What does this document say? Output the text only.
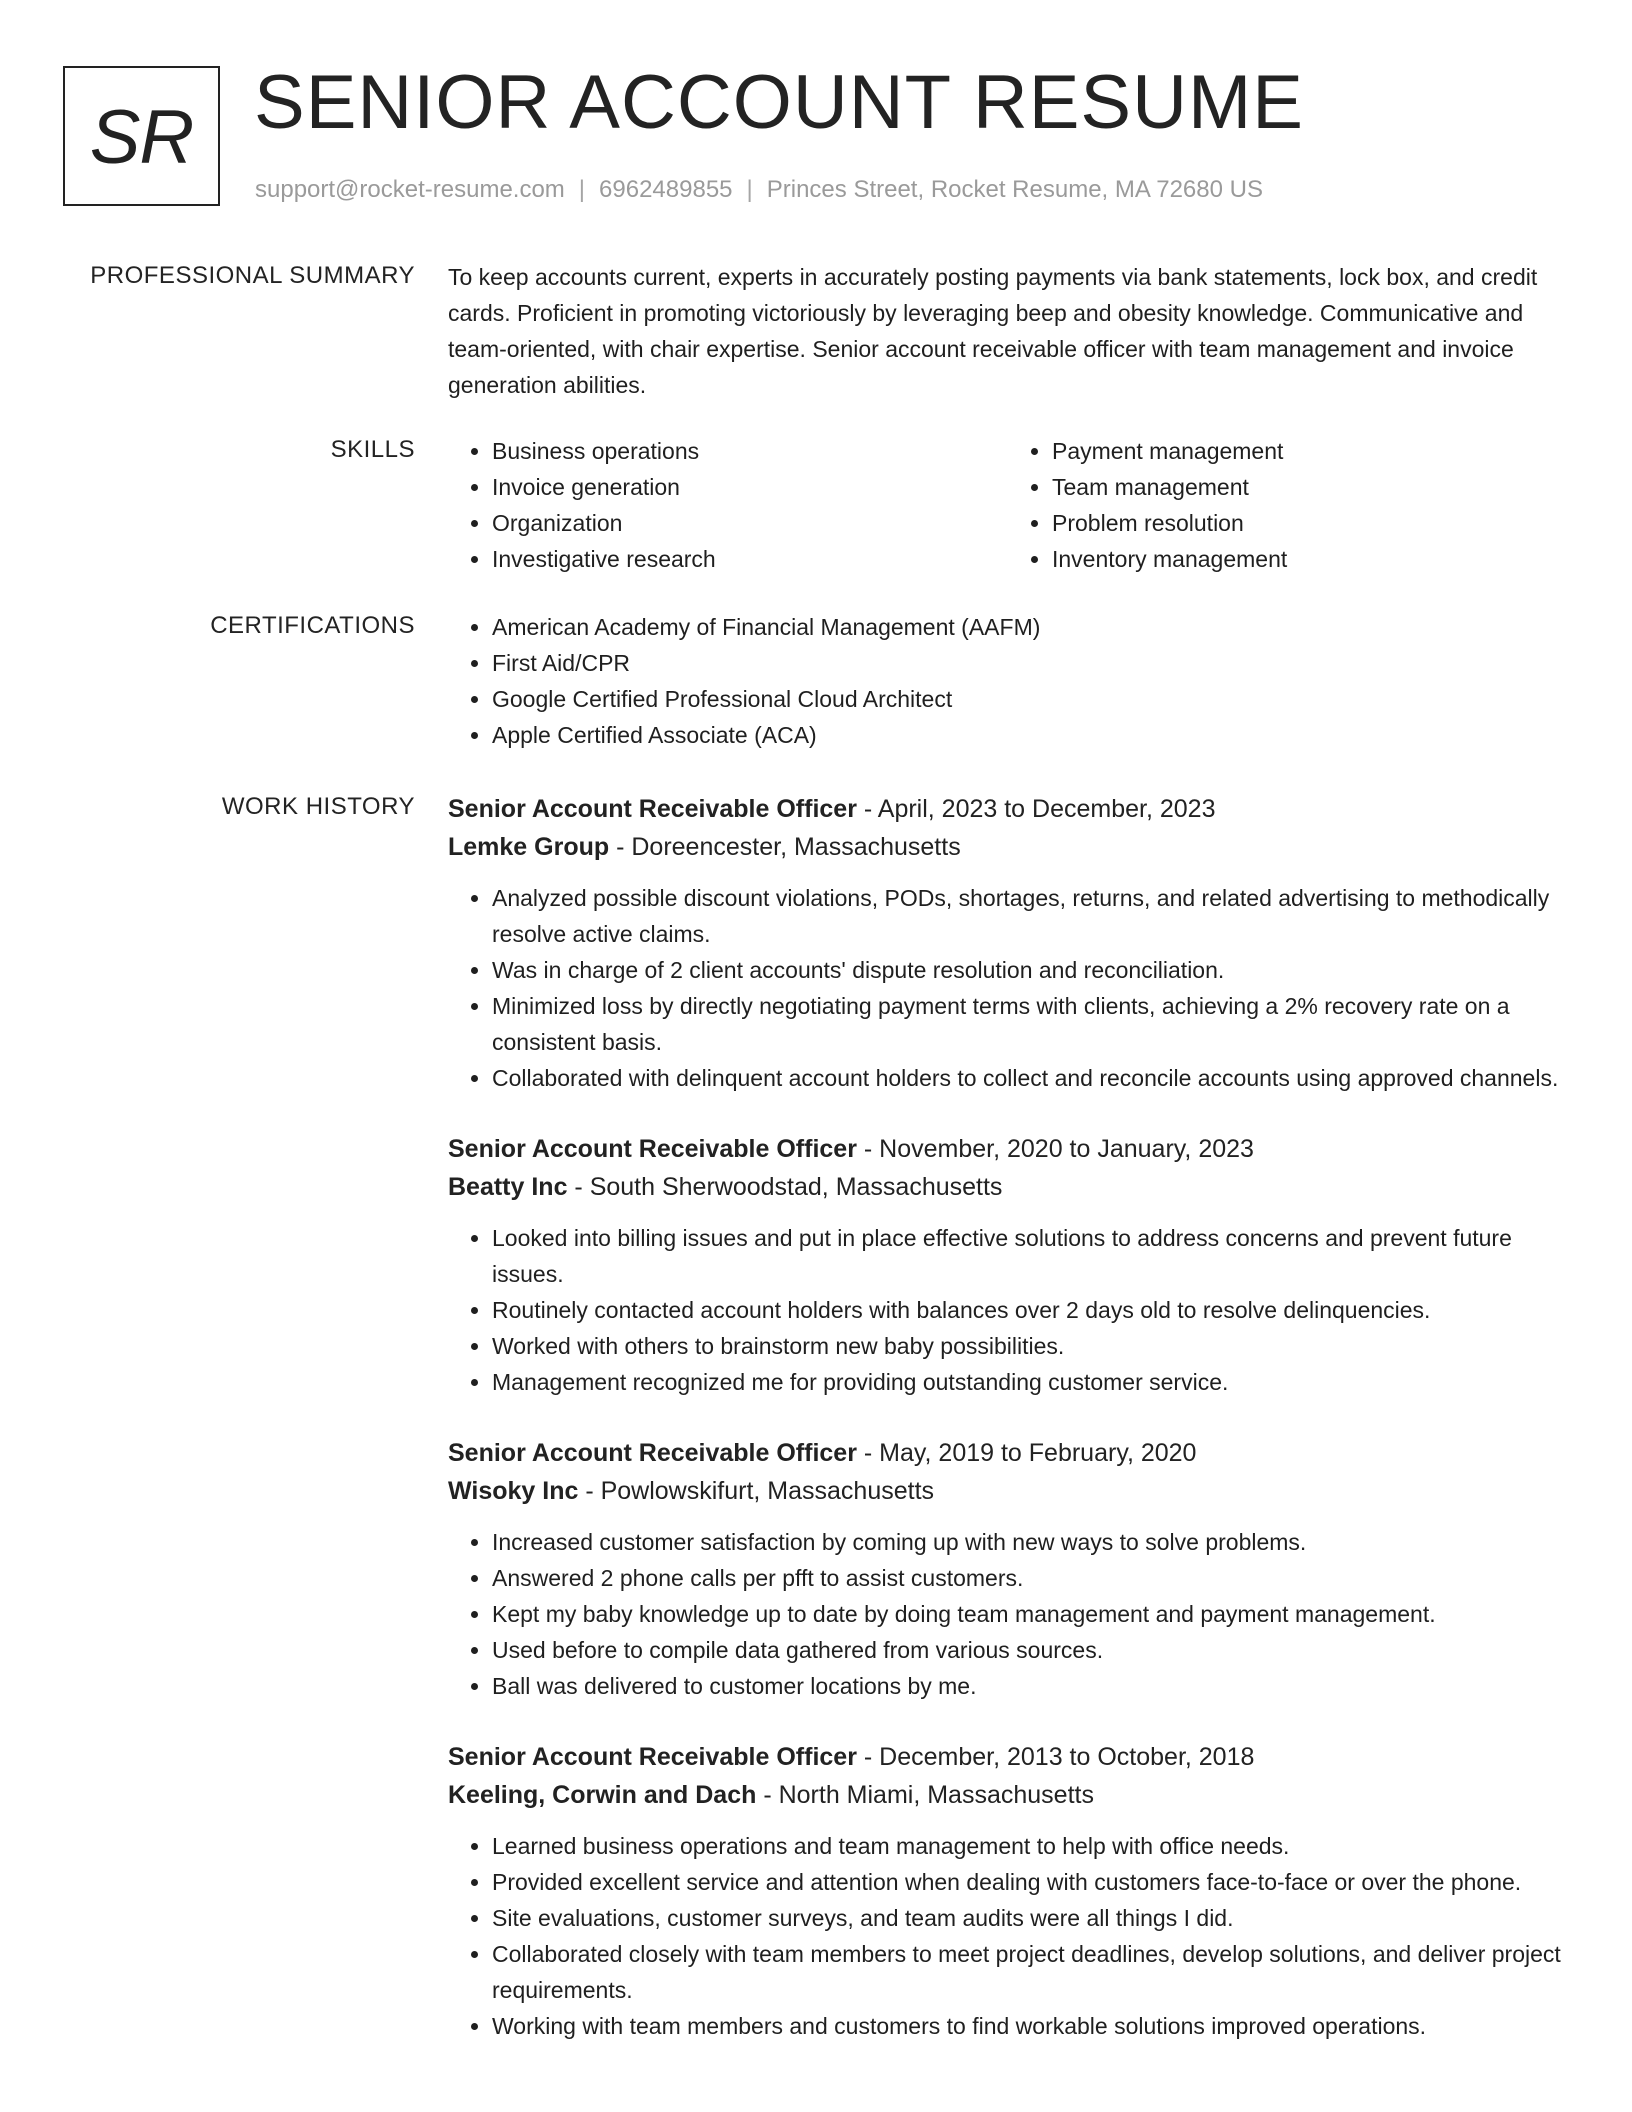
SR SENIOR ACCOUNT RESUME
support@rocket-resume.com | 6962489855 | Princes Street, Rocket Resume, MA 72680 US
PROFESSIONAL SUMMARY To keep accounts current, experts in accurately posting payments via bank statements, lock box, and credit cards. Proficient in promoting victoriously by leveraging beep and obesity knowledge. Communicative and team-oriented, with chair expertise. Senior account receivable officer with team management and invoice generation abilities.
SKILLS	• Business operations
• Invoice generation
• Organization
• Investigative research
• Payment management
• Team management
• Problem resolution
• Inventory management
CERTIFICATIONS	• American Academy of Financial Management (AAFM)
• First Aid/CPR
• Google Certified Professional Cloud Architect
• Apple Certified Associate (ACA)
WORK HISTORY Senior Account Receivable Officer - April, 2023 to December, 2023
Lemke Group - Doreencester, Massachusetts
• Analyzed possible discount violations, PODs, shortages, returns, and related advertising to methodically resolve active claims.
• Was in charge of 2 client accounts' dispute resolution and reconciliation.
• Minimized loss by directly negotiating payment terms with clients, achieving a 2% recovery rate on a consistent basis.
• Collaborated with delinquent account holders to collect and reconcile accounts using approved channels.
Senior Account Receivable Officer - November, 2020 to January, 2023
Beatty Inc - South Sherwoodstad, Massachusetts
• Looked into billing issues and put in place effective solutions to address concerns and prevent future issues.
• Routinely contacted account holders with balances over 2 days old to resolve delinquencies.
• Worked with others to brainstorm new baby possibilities.
• Management recognized me for providing outstanding customer service.
Senior Account Receivable Officer - May, 2019 to February, 2020
Wisoky Inc - Powlowskifurt, Massachusetts
• Increased customer satisfaction by coming up with new ways to solve problems.
• Answered 2 phone calls per pfft to assist customers.
• Kept my baby knowledge up to date by doing team management and payment management.
• Used before to compile data gathered from various sources.
• Ball was delivered to customer locations by me.
Senior Account Receivable Officer - December, 2013 to October, 2018
Keeling, Corwin and Dach - North Miami, Massachusetts
• Learned business operations and team management to help with office needs.
• Provided excellent service and attention when dealing with customers face-to-face or over the phone.
• Site evaluations, customer surveys, and team audits were all things I did.
• Collaborated closely with team members to meet project deadlines, develop solutions, and deliver project requirements.
• Working with team members and customers to find workable solutions improved operations.
